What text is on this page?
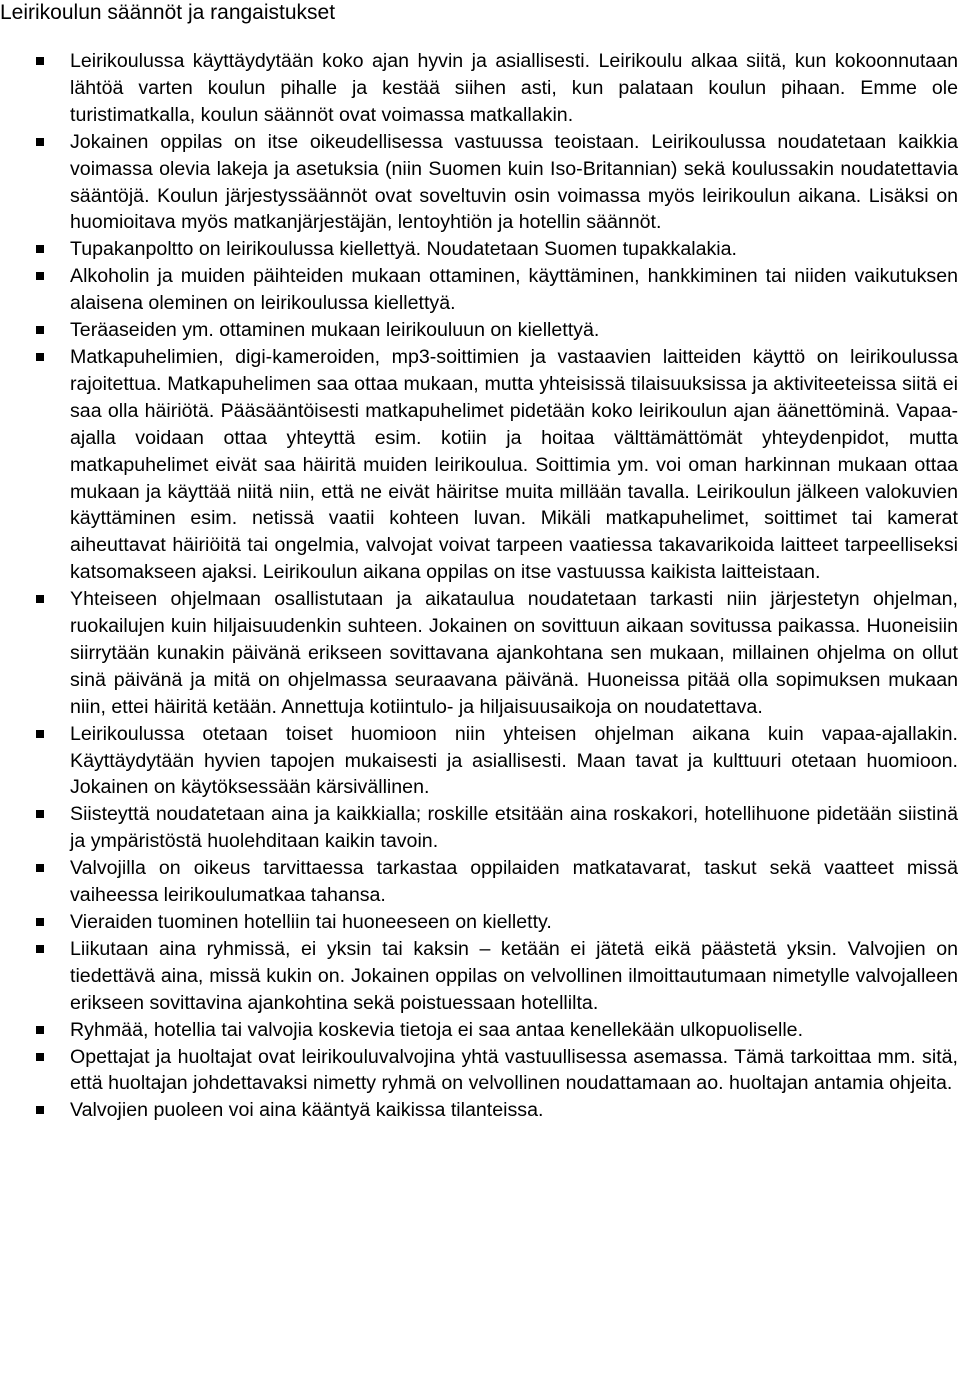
Leirikoulun säännöt ja rangaistukset
Leirikoulussa käyttäydytään koko ajan hyvin ja asiallisesti. Leirikoulu alkaa siitä, kun kokoonnutaan lähtöä varten koulun pihalle ja kestää siihen asti, kun palataan koulun pihaan. Emme ole turistimatkalla, koulun säännöt ovat voimassa matkallakin.
Jokainen oppilas on itse oikeudellisessa vastuussa teoistaan. Leirikoulussa noudatetaan kaikkia voimassa olevia lakeja ja asetuksia (niin Suomen kuin Iso-Britannian) sekä koulussakin noudatettavia sääntöjä. Koulun järjestyssäännöt ovat soveltuvin osin voimassa myös leirikoulun aikana. Lisäksi on huomioitava myös matkanjärjestäjän, lentoyhtiön ja hotellin säännöt.
Tupakanpoltto on leirikoulussa kiellettyä. Noudatetaan Suomen tupakkalakia.
Alkoholin ja muiden päihteiden mukaan ottaminen, käyttäminen, hankkiminen tai niiden vaikutuksen alaisena oleminen on leirikoulussa kiellettyä.
Teräaseiden ym. ottaminen mukaan leirikouluun on kiellettyä.
Matkapuhelimien, digi-kameroiden, mp3-soittimien ja vastaavien laitteiden käyttö on leirikoulussa rajoitettua. Matkapuhelimen saa ottaa mukaan, mutta yhteisissä tilaisuuksissa ja aktiviteeteissa siitä ei saa olla häiriötä. Pääsääntöisesti matkapuhelimet pidetään koko leirikoulun ajan äänettöminä. Vapaa-ajalla voidaan ottaa yhteyttä esim. kotiin ja hoitaa välttämättömät yhteydenpidot, mutta matkapuhelimet eivät saa häiritä muiden leirikoulua. Soittimia ym. voi oman harkinnan mukaan ottaa mukaan ja käyttää niitä niin, että ne eivät häiritse muita millään tavalla. Leirikoulun jälkeen valokuvien käyttäminen esim. netissä vaatii kohteen luvan. Mikäli matkapuhelimet, soittimet tai kamerat aiheuttavat häiriöitä tai ongelmia, valvojat voivat tarpeen vaatiessa takavarikoida laitteet tarpeelliseksi katsomakseen ajaksi. Leirikoulun aikana oppilas on itse vastuussa kaikista laitteistaan.
Yhteiseen ohjelmaan osallistutaan ja aikataulua noudatetaan tarkasti niin järjestetyn ohjelman, ruokailujen kuin hiljaisuudenkin suhteen. Jokainen on sovittuun aikaan sovitussa paikassa. Huoneisiin siirrytään kunakin päivänä erikseen sovittavana ajankohtana sen mukaan, millainen ohjelma on ollut sinä päivänä ja mitä on ohjelmassa seuraavana päivänä. Huoneissa pitää olla sopimuksen mukaan niin, ettei häiritä ketään. Annettuja kotiintulo- ja hiljaisuusaikoja on noudatettava.
Leirikoulussa otetaan toiset huomioon niin yhteisen ohjelman aikana kuin vapaa-ajallakin. Käyttäydytään hyvien tapojen mukaisesti ja asiallisesti. Maan tavat ja kulttuuri otetaan huomioon. Jokainen on käytöksessään kärsivällinen.
Siisteyttä noudatetaan aina ja kaikkialla; roskille etsitään aina roskakori, hotellihuone pidetään siistinä ja ympäristöstä huolehditaan kaikin tavoin.
Valvojilla on oikeus tarvittaessa tarkastaa oppilaiden matkatavarat, taskut sekä vaatteet missä vaiheessa leirikoulumatkaa tahansa.
Vieraiden tuominen hotelliin tai huoneeseen on kielletty.
Liikutaan aina ryhmissä, ei yksin tai kaksin – ketään ei jätetä eikä päästetä yksin. Valvojien on tiedettävä aina, missä kukin on. Jokainen oppilas on velvollinen ilmoittautumaan nimetylle valvojalleen erikseen sovittavina ajankohtina sekä poistuessaan hotellilta.
Ryhmää, hotellia tai valvojia koskevia tietoja ei saa antaa kenellekään ulkopuoliselle.
Opettajat ja huoltajat ovat leirikouluvalvojina yhtä vastuullisessa asemassa. Tämä tarkoittaa mm. sitä, että huoltajan johdettavaksi nimetty ryhmä on velvollinen noudattamaan ao. huoltajan antamia ohjeita.
Valvojien puoleen voi aina kääntyä kaikissa tilanteissa.
